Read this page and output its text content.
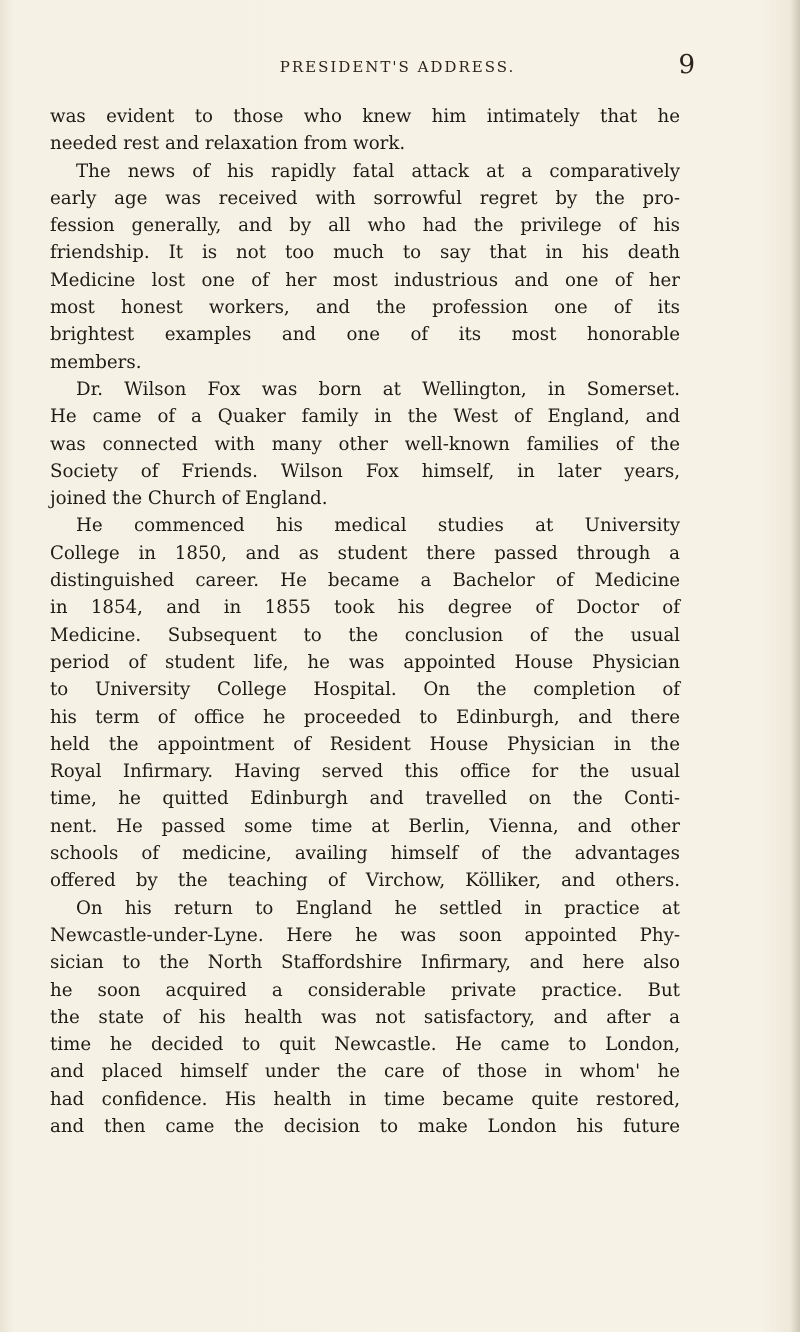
PRESIDENT'S ADDRESS.	9
was evident to those who knew him intimately that he
needed rest and relaxation from work.
The news of his rapidly fatal attack at a comparatively
early age was received with sorrowful regret by the pro-
fession generally, and by all who had the privilege of his
friendship. It is not too much to say that in his death
Medicine lost one of her most industrious and one of her
most honest workers, and the profession one of its
brightest examples and one of its most honorable
members.
Dr. Wilson Fox was born at Wellington, in Somerset.
He came of a Quaker family in the West of England, and
was connected with many other well-known families of the
Society of Friends. Wilson Fox himself, in later years,
joined the Church of England.
He commenced his medical studies at University
College in 1850, and as student there passed through a
distinguished career. He became a Bachelor of Medicine
in 1854, and in 1855 took his degree of Doctor of
Medicine. Subsequent to the conclusion of the usual
period of student life, he was appointed House Physician
to University College Hospital. On the completion of
his term of office he proceeded to Edinburgh, and there
held the appointment of Resident House Physician in the
Royal Infirmary. Having served this office for the usual
time, he quitted Edinburgh and travelled on the Conti-
nent. He passed some time at Berlin, Vienna, and other
schools of medicine, availing himself of the advantages
offered by the teaching of Virchow, Kölliker, and others.
On his return to England he settled in practice at
Newcastle-under-Lyne. Here he was soon appointed Phy-
sician to the North Staffordshire Infirmary, and here also
he soon acquired a considerable private practice. But
the state of his health was not satisfactory, and after a
time he decided to quit Newcastle. He came to London,
and placed himself under the care of those in whom' he
had confidence. His health in time became quite restored,
and then came the decision to make London his future
